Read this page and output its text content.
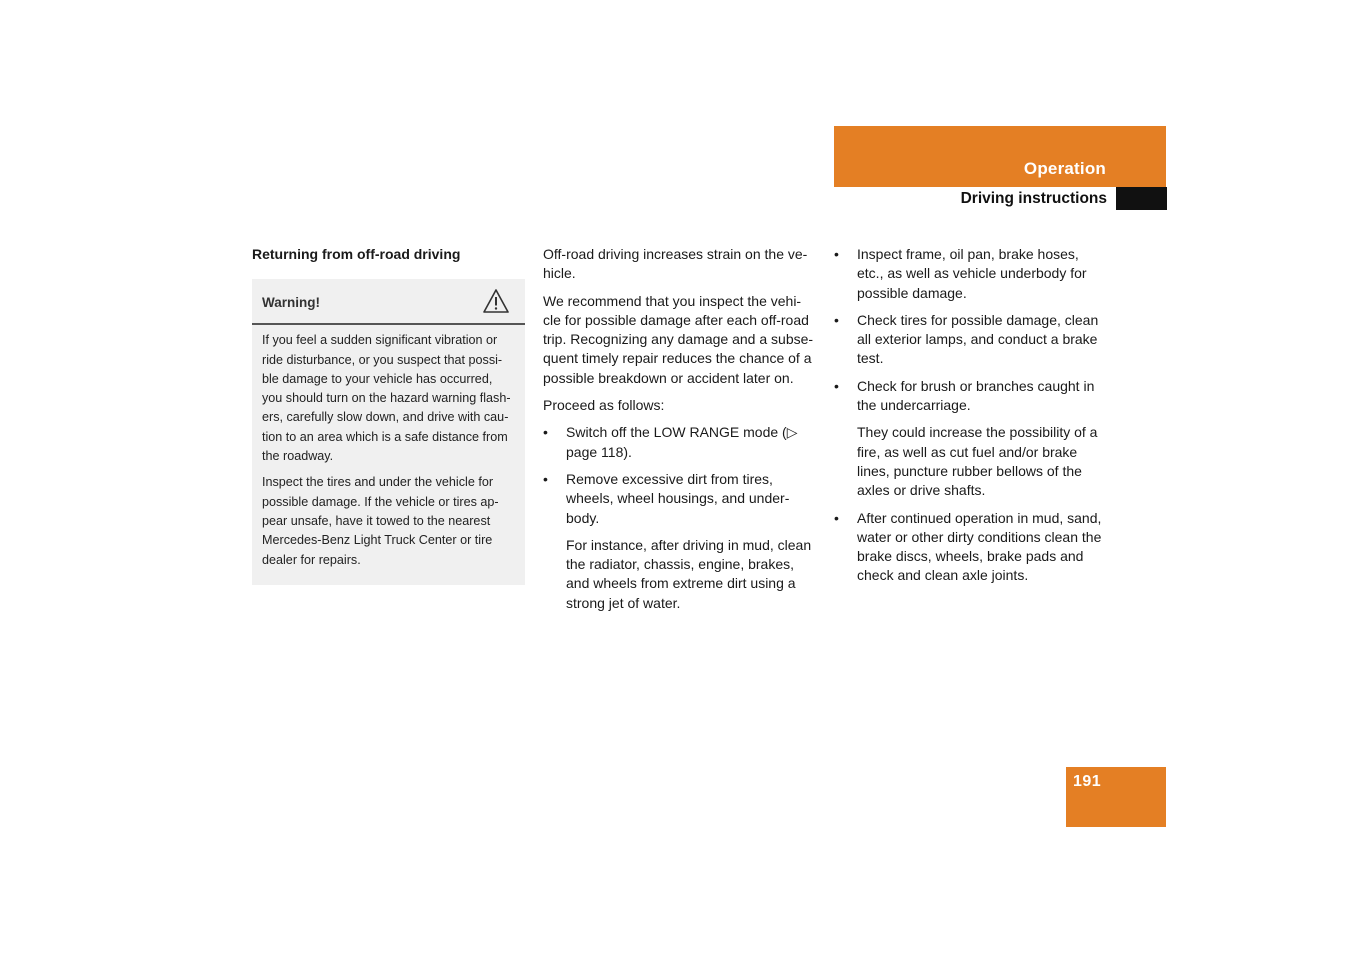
Operation
Driving instructions
Returning from off-road driving
Warning!

If you feel a sudden significant vibration or ride disturbance, or you suspect that possi- ble damage to your vehicle has occurred, you should turn on the hazard warning flash- ers, carefully slow down, and drive with cau- tion to an area which is a safe distance from the roadway.

Inspect the tires and under the vehicle for possible damage. If the vehicle or tires ap- pear unsafe, have it towed to the nearest Mercedes-Benz Light Truck Center or tire dealer for repairs.

Off-road driving increases strain on the ve- hicle.

We recommend that you inspect the vehi- cle for possible damage after each off-road trip. Recognizing any damage and a subse- quent timely repair reduces the chance of a possible breakdown or accident later on.

Proceed as follows:

• Switch off the LOW RANGE mode (▷ page 118).
• Remove excessive dirt from tires, wheels, wheel housings, and under- body.
For instance, after driving in mud, clean the radiator, chassis, engine, brakes, and wheels from extreme dirt using a strong jet of water.
• Inspect frame, oil pan, brake hoses, etc., as well as vehicle underbody for possible damage.
• Check tires for possible damage, clean all exterior lamps, and conduct a brake test.
• Check for brush or branches caught in the undercarriage.
They could increase the possibility of a fire, as well as cut fuel and/or brake lines, puncture rubber bellows of the axles or drive shafts.
• After continued operation in mud, sand, water or other dirty conditions clean the brake discs, wheels, brake pads and check and clean axle joints.
191
